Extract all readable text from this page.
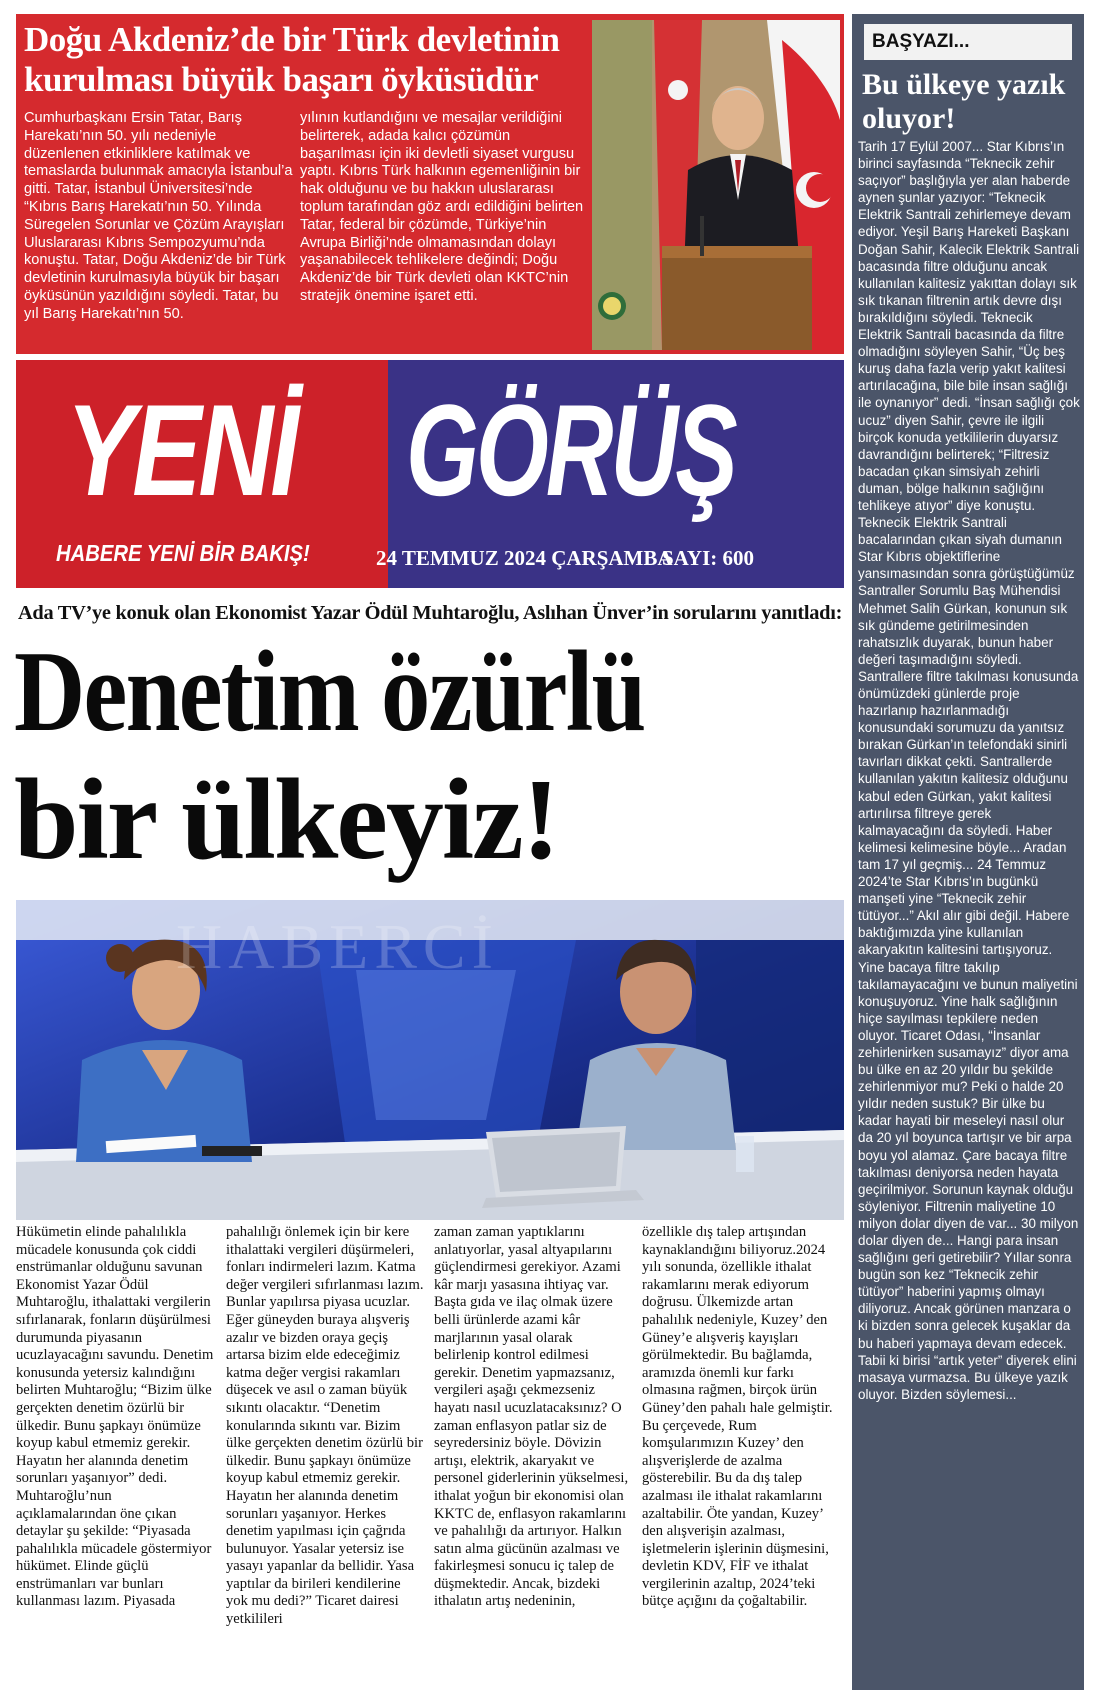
Doğu Akdeniz’de bir Türk devletinin kurulması büyük başarı öyküsüdür

Cumhurbaşkanı Ersin Tatar, Barış Harekatı’nın 50. yılı nedeniyle düzenlenen etkinliklere katılmak ve temaslarda bulunmak amacıyla İstanbul’a gitti. Tatar, İstanbul Üniversitesi’nde “Kıbrıs Barış Harekatı’nın 50. Yılında Süregelen Sorunlar ve Çözüm Arayışları Uluslararası Kıbrıs Sempozyumu’nda konuştu. Tatar, Doğu Akdeniz’de bir Türk devletinin kurulmasıyla büyük bir başarı öyküsünün yazıldığını söyledi. Tatar, bu yıl Barış Harekatı’nın 50.

yılının kutlandığını ve mesajlar verildiğini belirterek, adada kalıcı çözümün başarılması için iki devletli siyaset vurgusu yaptı. Kıbrıs Türk halkının egemenliğinin bir hak olduğunu ve bu hakkın uluslararası toplum tarafından göz ardı edildiğini belirten Tatar, federal bir çözümde, Türkiye’nin Avrupa Birliği’nde olmamasından dolayı yaşanabilecek tehlikelere değindi; Doğu Akdeniz’de bir Türk devleti olan KKTC’nin stratejik önemine işaret etti.

YENİ GÖRÜŞ
HABERE YENİ BİR BAKIŞ!	24 TEMMUZ 2024 ÇARŞAMBA
SAYI: 600
Ada TV’ye konuk olan Ekonomist Yazar Ödül Muhtaroğlu, Aslıhan Ünver’in sorularını yanıtladı:
Denetim özürlü
bir ülkeyiz!
HABERCİ

Hükümetin elinde pahalılıkla mücadele konusunda çok ciddi enstrümanlar olduğunu savunan Ekonomist Yazar Ödül Muhtaroğlu, ithalattaki vergilerin sıfırlanarak, fonların düşürülmesi durumunda piyasanın ucuzlayacağını savundu. Denetim konusunda yetersiz kalındığını belirten Muhtaroğlu; “Bizim ülke gerçekten denetim özürlü bir ülkedir. Bunu şapkayı önümüze koyup kabul etmemiz gerekir. Hayatın her alanında denetim sorunları yaşanıyor” dedi. Muhtaroğlu’nun açıklamalarından öne çıkan detaylar şu şekilde: “Piyasada pahalılıkla mücadele göstermiyor hükümet. Elinde güçlü enstrümanları var bunları kullanması lazım. Piyasada

pahalılığı önlemek için bir kere ithalattaki vergileri düşürmeleri, fonları indirmeleri lazım. Katma değer vergileri sıfırlanması lazım. Bunlar yapılırsa piyasa ucuzlar. Eğer güneyden buraya alışveriş azalır ve bizden oraya geçiş artarsa bizim elde edeceğimiz katma değer vergisi rakamları düşecek ve asıl o zaman büyük sıkıntı olacaktır. “Denetim konularında sıkıntı var. Bizim ülke gerçekten denetim özürlü bir ülkedir. Bunu şapkayı önümüze koyup kabul etmemiz gerekir. Hayatın her alanında denetim sorunları yaşanıyor. Herkes denetim yapılması için çağrıda bulunuyor. Yasalar yetersiz ise yasayı yapanlar da bellidir. Yasa yaptılar da birileri kendilerine yok mu dedi?” Ticaret dairesi yetkilileri

zaman zaman yaptıklarını anlatıyorlar, yasal altyapılarını güçlendirmesi gerekiyor. Azami kâr marjı yasasına ihtiyaç var. Başta gıda ve ilaç olmak üzere belli ürünlerde azami kâr marjlarının yasal olarak belirlenip kontrol edilmesi gerekir. Denetim yapmazsanız, vergileri aşağı çekmezseniz hayatı nasıl ucuzlatacaksınız? O zaman enflasyon patlar siz de seyredersiniz böyle. Dövizin artışı, elektrik, akaryakıt ve personel giderlerinin yükselmesi, ithalat yoğun bir ekonomisi olan KKTC de, enflasyon rakamlarını ve pahalılığı da artırıyor. Halkın satın alma gücünün azalması ve fakirleşmesi sonucu iç talep de düşmektedir. Ancak, bizdeki ithalatın artış nedeninin,

özellikle dış talep artışından kaynaklandığını biliyoruz.2024 yılı sonunda, özellikle ithalat rakamlarını merak ediyorum doğrusu. Ülkemizde artan pahalılık nedeniyle, Kuzey’ den Güney’e alışveriş kayışları görülmektedir. Bu bağlamda, aramızda önemli kur farkı olmasına rağmen, birçok ürün Güney’den pahalı hale gelmiştir. Bu çerçevede, Rum komşularımızın Kuzey’ den alışverişlerde de azalma gösterebilir. Bu da dış talep azalması ile ithalat rakamlarını azaltabilir. Öte yandan, Kuzey’ den alışverişin azalması, işletmelerin işlerinin düşmesini, devletin KDV, FİF ve ithalat vergilerinin azaltıp, 2024’teki bütçe açığını da çoğaltabilir.

BAŞYAZI...
Bu ülkeye yazık oluyor!

Tarih 17 Eylül 2007... Star Kıbrıs’ın birinci sayfasında “Teknecik zehir saçıyor” başlığıyla yer alan haberde aynen şunlar yazıyor: “Teknecik Elektrik Santrali zehirlemeye devam ediyor. Yeşil Barış Hareketi Başkanı Doğan Sahir, Kalecik Elektrik Santrali bacasında filtre olduğunu ancak kullanılan kalitesiz yakıttan dolayı sık sık tıkanan filtrenin artık devre dışı bırakıldığını söyledi. Teknecik Elektrik Santrali bacasında da filtre olmadığını söyleyen Sahir, “Üç beş kuruş daha fazla verip yakıt kalitesi artırılacağına, bile bile insan sağlığı ile oynanıyor” dedi. “İnsan sağlığı çok ucuz” diyen Sahir, çevre ile ilgili birçok konuda yetkililerin duyarsız davrandığını belirterek; “Filtresiz bacadan çıkan simsiyah zehirli duman, bölge halkının sağlığını tehlikeye atıyor” diye konuştu. Teknecik Elektrik Santrali bacalarından çıkan siyah dumanın Star Kıbrıs objektiflerine yansımasından sonra görüştüğümüz Santraller Sorumlu Baş Mühendisi Mehmet Salih Gürkan, konunun sık sık gündeme getirilmesinden rahatsızlık duyarak, bunun haber değeri taşımadığını söyledi. Santrallere filtre takılması konusunda önümüzdeki günlerde proje hazırlanıp hazırlanmadığı konusundaki sorumuzu da yanıtsız bırakan Gürkan’ın telefondaki sinirli tavırları dikkat çekti. Santrallerde kullanılan yakıtın kalitesiz olduğunu kabul eden Gürkan, yakıt kalitesi artırılırsa filtreye gerek kalmayacağını da söyledi. Haber kelimesi kelimesine böyle... Aradan tam 17 yıl geçmiş... 24 Temmuz 2024’te Star Kıbrıs’ın bugünkü manşeti yine “Teknecik zehir tütüyor...” Akıl alır gibi değil. Habere baktığımızda yine kullanılan akaryakıtın kalitesini tartışıyoruz. Yine bacaya filtre takılıp takılamayacağını ve bunun maliyetini konuşuyoruz. Yine halk sağlığının hiçe sayılması tepkilere neden oluyor. Ticaret Odası, “İnsanlar zehirlenirken susamayız” diyor ama bu ülke en az 20 yıldır bu şekilde zehirlenmiyor mu? Peki o halde 20 yıldır neden sustuk? Bir ülke bu kadar hayati bir meseleyi nasıl olur da 20 yıl boyunca tartışır ve bir arpa boyu yol alamaz. Çare bacaya filtre takılması deniyorsa neden hayata geçirilmiyor. Sorunun kaynak olduğu söyleniyor. Filtrenin maliyetine 10 milyon dolar diyen de var... 30 milyon dolar diyen de... Hangi para insan sağlığını geri getirebilir? Yıllar sonra bugün son kez “Teknecik zehir tütüyor” haberini yapmış olmayı diliyoruz. Ancak görünen manzara o ki bizden sonra gelecek kuşaklar da bu haberi yapmaya devam edecek. Tabii ki birisi “artık yeter” diyerek elini masaya vurmazsa. Bu ülkeye yazık oluyor. Bizden söylemesi...
